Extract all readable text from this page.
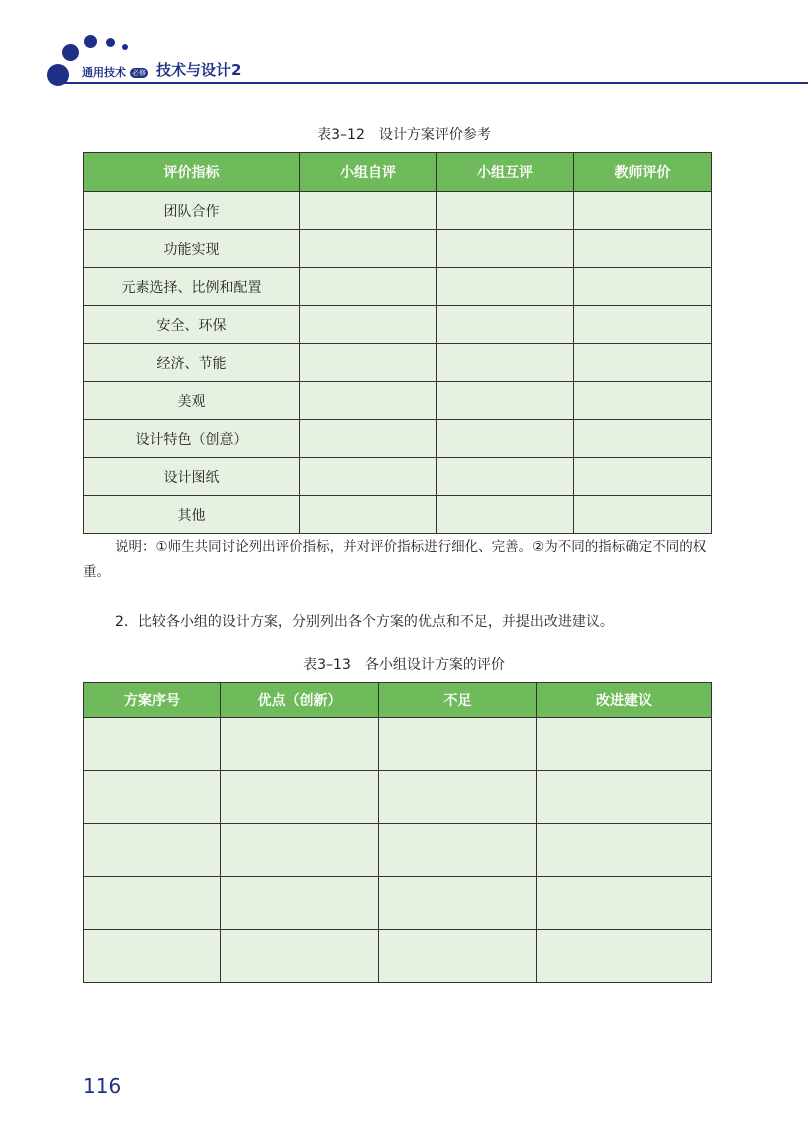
通用技术 必修 技术与设计2
表3–12　设计方案评价参考
评价指标	小组自评	小组互评	教师评价
团队合作			
功能实现			
元素选择、比例和配置			
安全、环保			
经济、节能			
美观			
设计特色（创意）			
设计图纸			
其他			
说明：①师生共同讨论列出评价指标，并对评价指标进行细化、完善。②为不同的指标确定不同的权重。
2．比较各小组的设计方案，分别列出各个方案的优点和不足，并提出改进建议。
表3–13　各小组设计方案的评价
方案序号	优点（创新）	不足	改进建议

116
